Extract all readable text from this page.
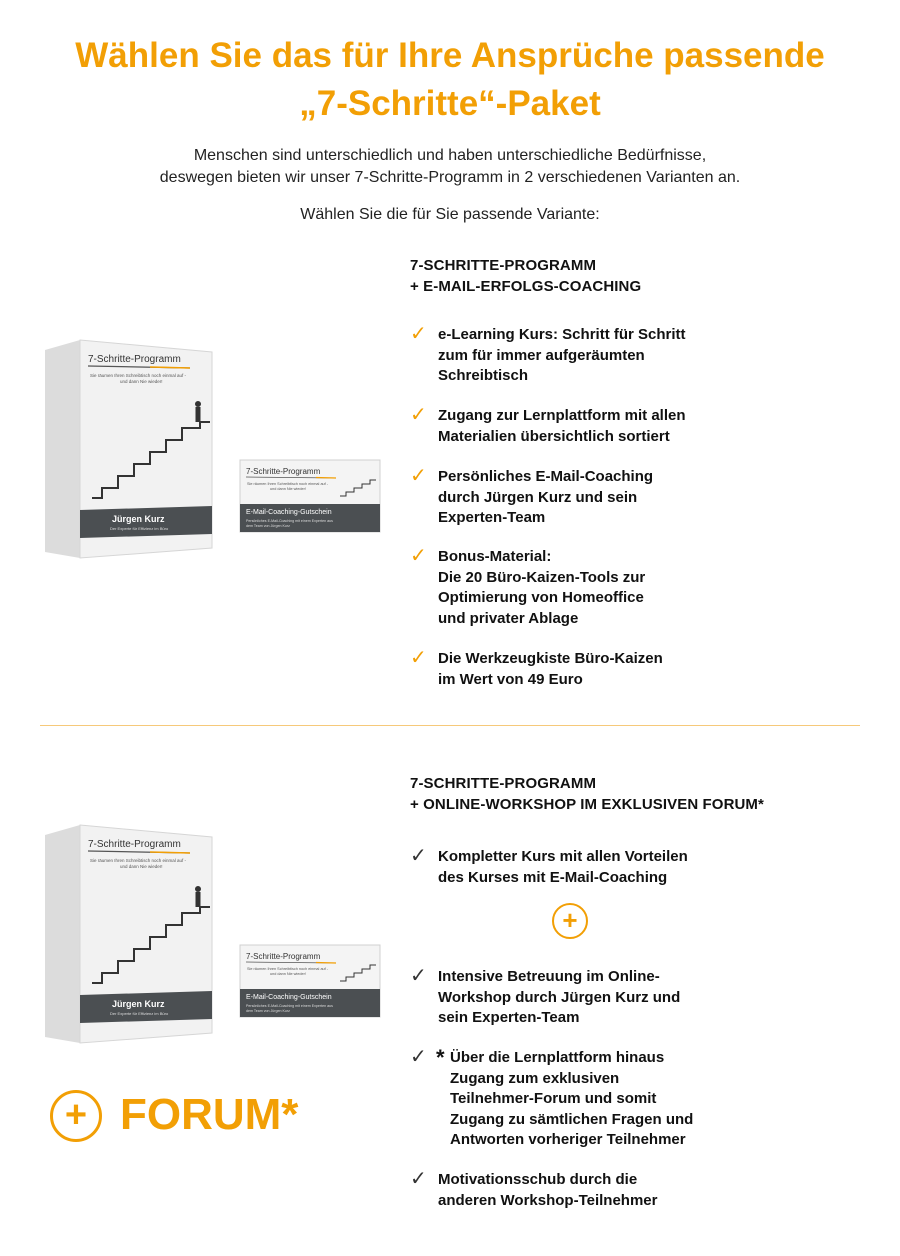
Wählen Sie das für Ihre Ansprüche passende
„7-Schritte“-Paket
Menschen sind unterschiedlich und haben unterschiedliche Bedürfnisse,
deswegen bieten wir unser 7-Schritte-Programm in 2 verschiedenen Varianten an.
Wählen Sie die für Sie passende Variante:
7-Schritte-Programm
Sie räumen Ihren Schreibtisch noch einmal auf -
und dann Nie wieder!
Jürgen Kurz
Der Experte für Effizienz im Büro
7-Schritte-Programm
Sie räumen Ihren Schreibtisch noch einmal auf -
und dann Nie wieder!
E-Mail-Coaching-Gutschein
Persönliches E-Mail-Coaching mit einem Experten aus
dem Team von Jürgen Kurz
7-SCHRITTE-PROGRAMM
+ E-MAIL-ERFOLGS-COACHING
✓ e-Learning Kurs: Schritt für Schritt
zum für immer aufgeräumten
Schreibtisch
✓ Zugang zur Lernplattform mit allen
Materialien übersichtlich sortiert
✓ Persönliches E-Mail-Coaching
durch Jürgen Kurz und sein
Experten-Team
✓ Bonus-Material:
Die 20 Büro-Kaizen-Tools zur
Optimierung von Homeoffice
und privater Ablage
✓ Die Werkzeugkiste Büro-Kaizen
im Wert von 49 Euro
7-Schritte-Programm
Sie räumen Ihren Schreibtisch noch einmal auf -
und dann Nie wieder!
Jürgen Kurz
Der Experte für Effizienz im Büro
7-Schritte-Programm
Sie räumen Ihren Schreibtisch noch einmal auf -
und dann Nie wieder!
E-Mail-Coaching-Gutschein
Persönliches E-Mail-Coaching mit einem Experten aus
dem Team von Jürgen Kurz
7-SCHRITTE-PROGRAMM
+ ONLINE-WORKSHOP IM EXKLUSIVEN FORUM*
✓ Kompletter Kurs mit allen Vorteilen
des Kurses mit E-Mail-Coaching
+
✓ Intensive Betreuung im Online-
Workshop durch Jürgen Kurz und
sein Experten-Team
✓ * Über die Lernplattform hinaus
Zugang zum exklusiven
Teilnehmer-Forum und somit
Zugang zu sämtlichen Fragen und
Antworten vorheriger Teilnehmer
✓ Motivationsschub durch die
anderen Workshop-Teilnehmer
+ FORUM*
